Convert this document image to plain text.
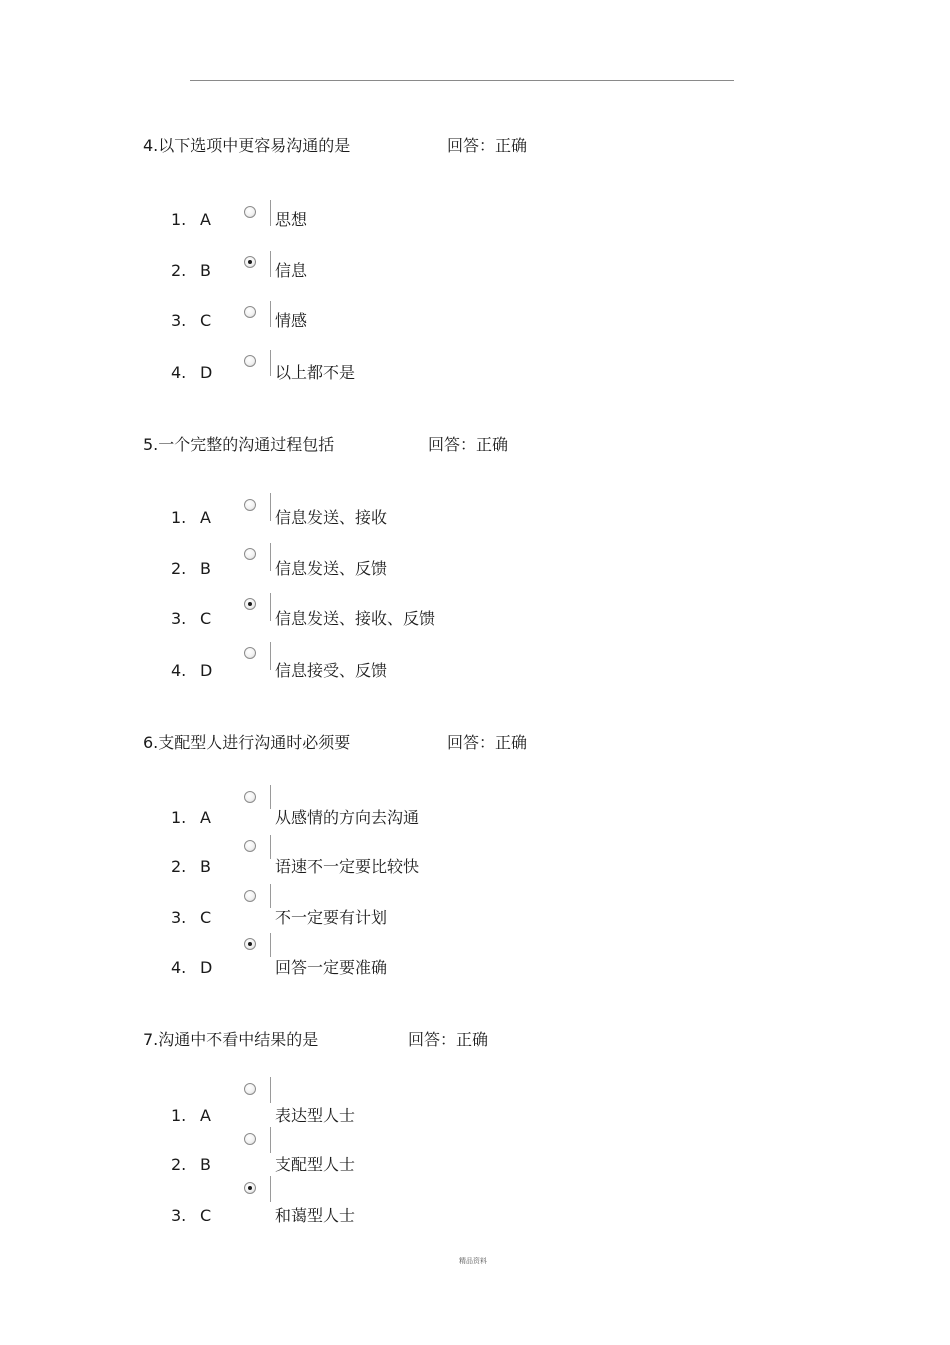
4.以下选项中更容易沟通的是	回答：正确
1. A	思想
2. B	信息
3. C	情感
4. D	以上都不是
5.一个完整的沟通过程包括	回答：正确
1. A	信息发送、接收
2. B	信息发送、反馈
3. C	信息发送、接收、反馈
4. D	信息接受、反馈
6.支配型人进行沟通时必须要	回答：正确
1. A	从感情的方向去沟通
2. B	语速不一定要比较快
3. C	不一定要有计划
4. D	回答一定要准确
7.沟通中不看中结果的是	回答：正确
1. A	表达型人士
2. B	支配型人士
3. C	和蔼型人士
精品资料
